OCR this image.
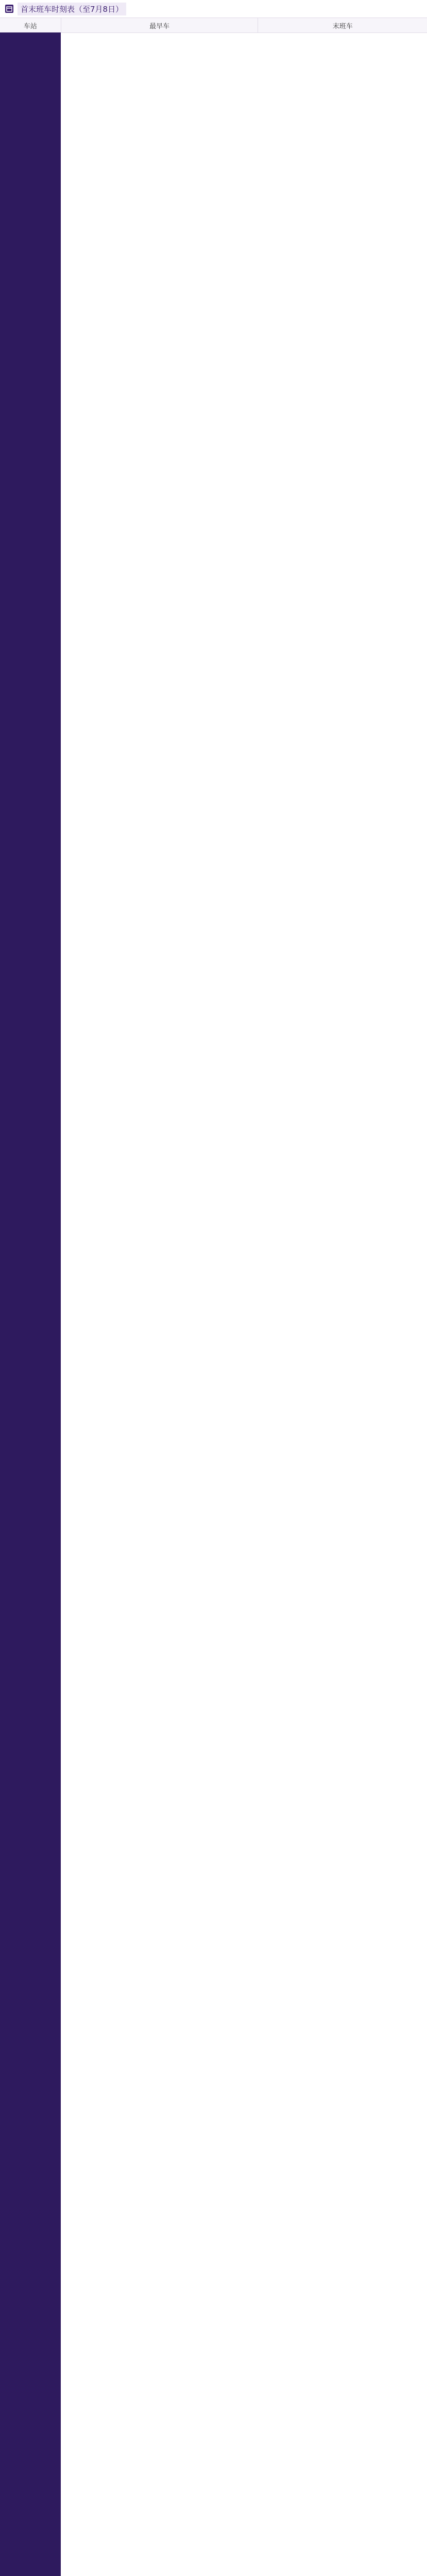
首末班车时刻表（至7月8日）
车站	最早车	末班车
